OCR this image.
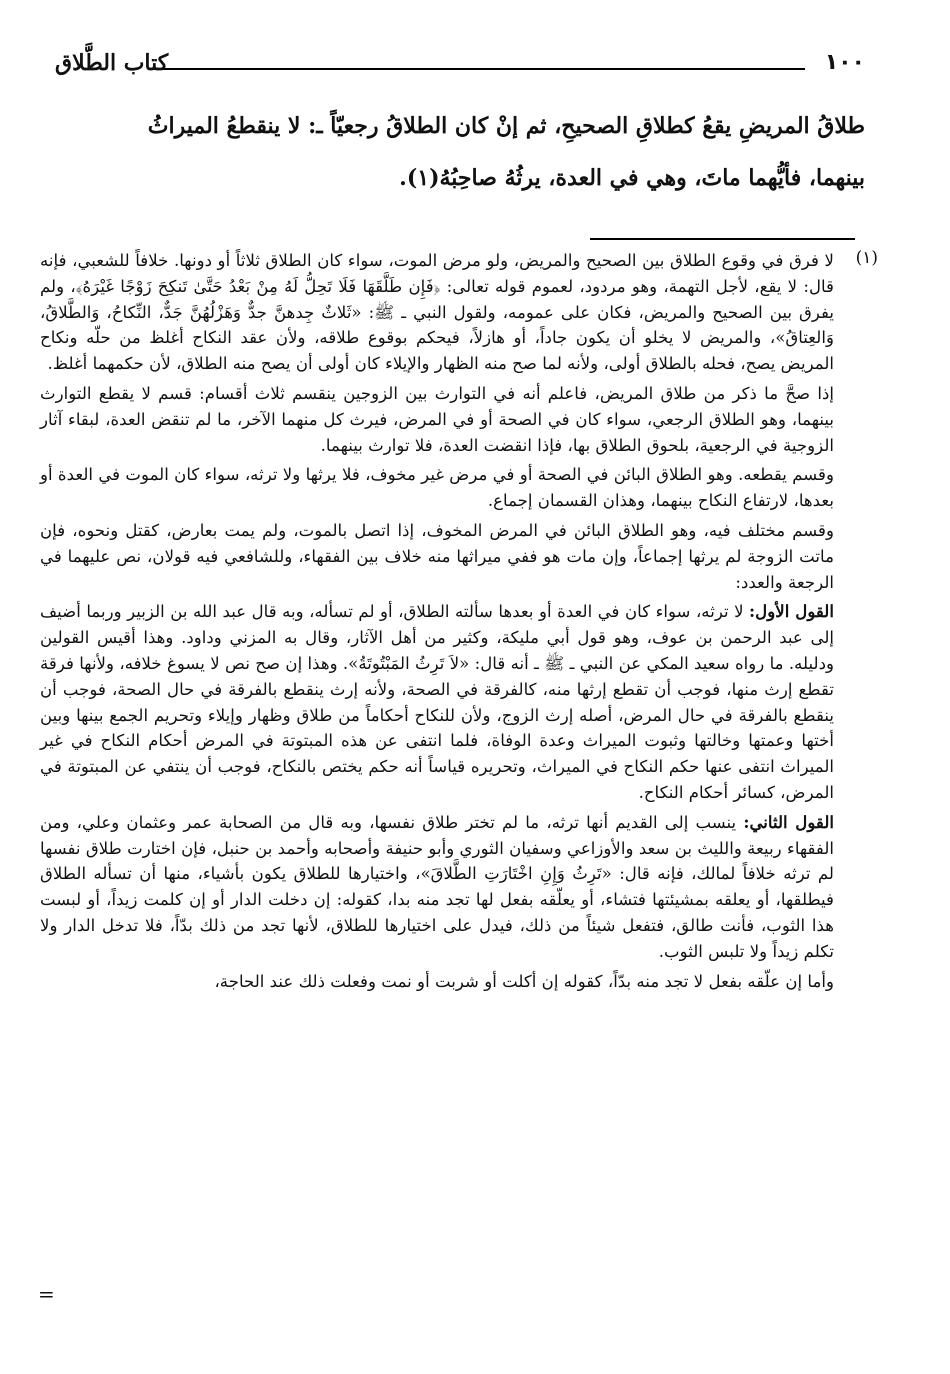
١٠٠
كتاب الطَّلاق

طلاقُ المريضِ يقعُ كطلاقِ الصحيحِ، ثم إنْ كان الطلاقُ رجعيّاً ـ: لا ينقطعُ الميراثُ

بينهما، فأيُّهما ماتَ، وهي في العدة، يرثُهُ صاحِبُهُ(١).

(١)

لا فرق في وقوع الطلاق بين الصحيح والمريض، ولو مرض الموت، سواء كان الطلاق ثلاثاً أو دونها. خلافاً للشعبي، فإنه قال: لا يقع، لأجل التهمة، وهو مردود، لعموم قوله تعالى: ﴿فَإِن طَلَّقَهَا فَلَا تَحِلُّ لَهُ مِنْ بَعْدُ حَتَّىٰ تَنكِحَ زَوْجًا غَيْرَهُ﴾، ولم يفرق بين الصحيح والمريض، فكان على عمومه، ولقول النبي ـ ﷺ: «ثَلاثٌ جِدهنَّ جدٌّ وَهَزْلُهُنَّ جَدٌّ، النِّكاحُ، وَالطَّلاقُ، وَالعِتاقُ»، والمريض لا يخلو أن يكون جاداً، أو هازلاً، فيحكم بوقوع طلاقه، ولأن عقد النكاح أغلظ من حلّه ونكاح المريض يصح، فحله بالطلاق أولى، ولأنه لما صح منه الظهار والإيلاء كان أولى أن يصح منه الطلاق، لأن حكمهما أغلظ.

إذا صحَّ ما ذكر من طلاق المريض، فاعلم أنه في التوارث بين الزوجين ينقسم ثلاث أقسام: قسم لا يقطع التوارث بينهما، وهو الطلاق الرجعي، سواء كان في الصحة أو في المرض، فيرث كل منهما الآخر، ما لم تنقض العدة، لبقاء آثار الزوجية في الرجعية، بلحوق الطلاق بها، فإذا انقضت العدة، فلا توارث بينهما.

وقسم يقطعه. وهو الطلاق البائن في الصحة أو في مرض غير مخوف، فلا يرثها ولا ترثه، سواء كان الموت في العدة أو بعدها، لارتفاع النكاح بينهما، وهذان القسمان إجماع.

وقسم مختلف فيه، وهو الطلاق البائن في المرض المخوف، إذا اتصل بالموت، ولم يمت بعارض، كقتل ونحوه، فإن ماتت الزوجة لم يرثها إجماعاً، وإن مات هو ففي ميراثها منه خلاف بين الفقهاء، وللشافعي فيه قولان، نص عليهما في الرجعة والعدد:

القول الأول: لا ترثه، سواء كان في العدة أو بعدها سألته الطلاق، أو لم تسأله، وبه قال عبد الله بن الزبير وربما أضيف إلى عبد الرحمن بن عوف، وهو قول أبي مليكة، وكثير من أهل الآثار، وقال به المزني وداود. وهذا أقيس القولين ودليله. ما رواه سعيد المكي عن النبي ـ ﷺ ـ أنه قال: «لاَ تَرِثُ المَبْتُوتَةُ». وهذا إن صح نص لا يسوغ خلافه، ولأنها فرقة تقطع إرث منها، فوجب أن تقطع إرثها منه، كالفرقة في الصحة، ولأنه إرث ينقطع بالفرقة في حال الصحة، فوجب أن ينقطع بالفرقة في حال المرض، أصله إرث الزوج، ولأن للنكاح أحكاماً من طلاق وظهار وإيلاء وتحريم الجمع بينها وبين أختها وعمتها وخالتها وثبوت الميراث وعدة الوفاة، فلما انتفى عن هذه المبتوتة في المرض أحكام النكاح في غير الميراث انتفى عنها حكم النكاح في الميراث، وتحريره قياساً أنه حكم يختص بالنكاح، فوجب أن ينتفي عن المبتوتة في المرض، كسائر أحكام النكاح.

القول الثاني: ينسب إلى القديم أنها ترثه، ما لم تختر طلاق نفسها، وبه قال من الصحابة عمر وعثمان وعلي، ومن الفقهاء ربيعة والليث بن سعد والأوزاعي وسفيان الثوري وأبو حنيفة وأصحابه وأحمد بن حنبل، فإن اختارت طلاق نفسها لم ترثه خلافاً لمالك، فإنه قال: «تَرِثُ وَإِنِ اخْتَارَتِ الطَّلاقَ»، واختيارها للطلاق يكون بأشياء، منها أن تسأله الطلاق فيطلقها، أو يعلقه بمشيئتها فتشاء، أو يعلّقه بفعل لها تجد منه بدا، كقوله: إن دخلت الدار أو إن كلمت زيداً، أو لبست هذا الثوب، فأنت طالق، فتفعل شيئاً من ذلك، فيدل على اختيارها للطلاق، لأنها تجد من ذلك بدّاً، فلا تدخل الدار ولا تكلم زيداً ولا تلبس الثوب.

وأما إن علّقه بفعل لا تجد منه بدّاً، كقوله إن أكلت أو شربت أو نمت وفعلت ذلك عند الحاجة،

=
